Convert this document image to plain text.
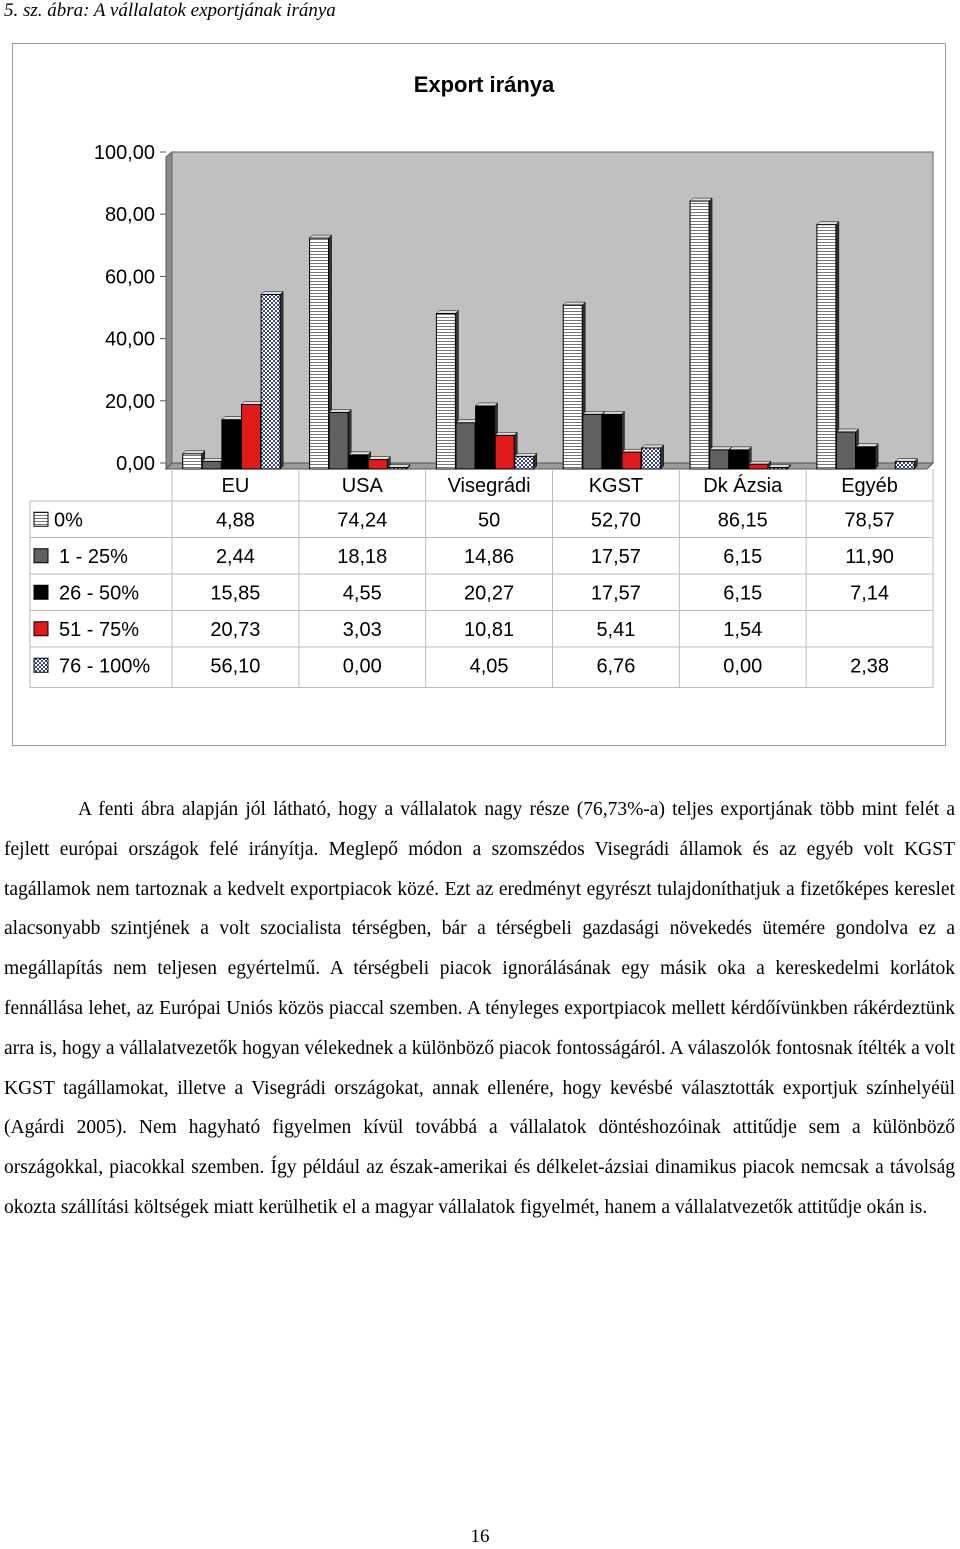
5. sz. ábra: A vállalatok exportjának iránya
Export iránya
100,00
80,00
60,00
40,00
20,00
0,00
EU	USA	Visegrádi	KGST	Dk Ázsia	Egyéb
0%	4,88	74,24	50	52,70	86,15	78,57
1 - 25%	2,44	18,18	14,86	17,57	6,15	11,90
26 - 50%	15,85	4,55	20,27	17,57	6,15	7,14
51 - 75%	20,73	3,03	10,81	5,41	1,54
76 - 100%	56,10	0,00	4,05	6,76	0,00	2,38

A fenti ábra alapján jól látható, hogy a vállalatok nagy része (76,73%-a) teljes exportjának több mint felét a fejlett európai országok felé irányítja. Meglepő módon a szomszédos Visegrádi államok és az egyéb volt KGST tagállamok nem tartoznak a kedvelt exportpiacok közé. Ezt az eredményt egyrészt tulajdoníthatjuk a fizetőképes kereslet alacsonyabb szintjének a volt szocialista térségben, bár a térségbeli gazdasági növekedés ütemére gondolva ez a megállapítás nem teljesen egyértelmű. A térségbeli piacok ignorálásának egy másik oka a kereskedelmi korlátok fennállása lehet, az Európai Uniós közös piaccal szemben. A tényleges exportpiacok mellett kérdőívünkben rákérdeztünk arra is, hogy a vállalatvezetők hogyan vélekednek a különböző piacok fontosságáról. A válaszolók fontosnak ítélték a volt KGST tagállamokat, illetve a Visegrádi országokat, annak ellenére, hogy kevésbé választották exportjuk színhelyéül (Agárdi 2005). Nem hagyható figyelmen kívül továbbá a vállalatok döntéshozóinak attitűdje sem a különböző országokkal, piacokkal szemben. Így például az észak-amerikai és délkelet-ázsiai dinamikus piacok nemcsak a távolság okozta szállítási költségek miatt kerülhetik el a magyar vállalatok figyelmét, hanem a vállalatvezetők attitűdje okán is.

16
